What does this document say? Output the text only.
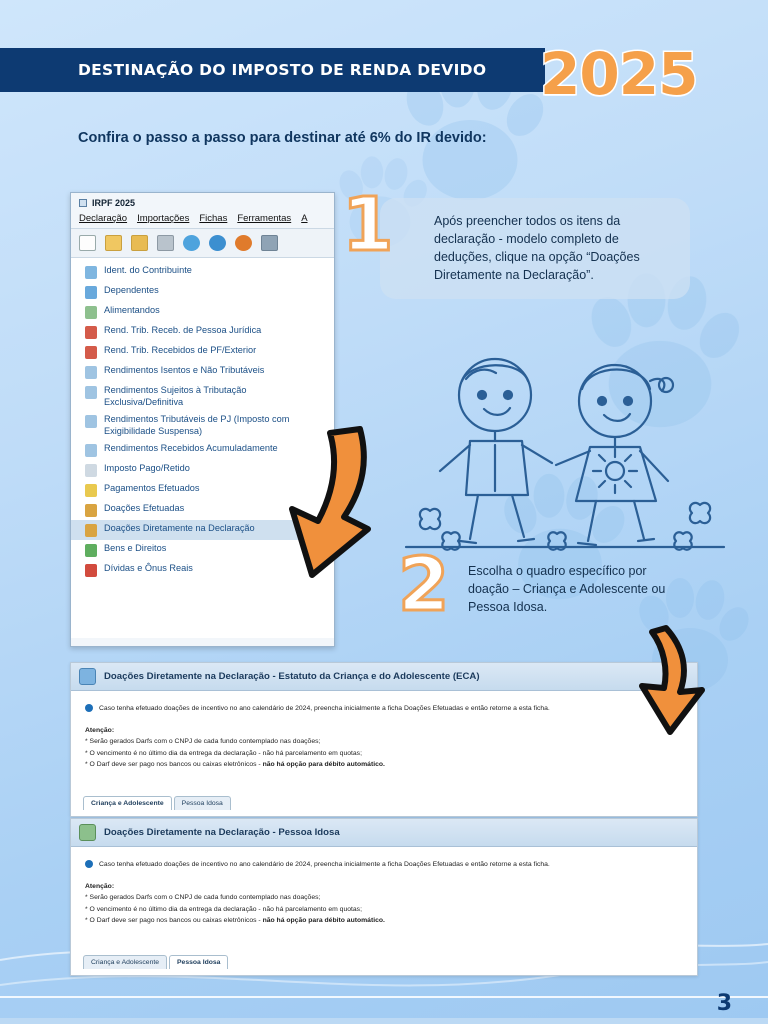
DESTINAÇÃO DO IMPOSTO DE RENDA DEVIDO 2025
Confira o passo a passo para destinar até 6% do IR devido:
IRPF 2025
Declaração Importações Fichas Ferramentas A
Ident. do Contribuinte
Dependentes
Alimentandos
Rend. Trib. Receb. de Pessoa Jurídica
Rend. Trib. Recebidos de PF/Exterior
Rendimentos Isentos e Não Tributáveis
Rendimentos Sujeitos à Tributação Exclusiva/Definitiva
Rendimentos Tributáveis de PJ (Imposto com Exigibilidade Suspensa)
Rendimentos Recebidos Acumuladamente
Imposto Pago/Retido
Pagamentos Efetuados
Doações Efetuadas
Doações Diretamente na Declaração
Bens e Direitos
Dívidas e Ônus Reais
Após preencher todos os itens da declaração - modelo completo de deduções, clique na opção “Doações Diretamente na Declaração”.
1
2 Escolha o quadro específico por doação – Criança e Adolescente ou Pessoa Idosa.
Doações Diretamente na Declaração - Estatuto da Criança e do Adolescente (ECA)
Caso tenha efetuado doações de incentivo no ano calendário de 2024, preencha inicialmente a ficha Doações Efetuadas e então retorne a esta ficha.
Atenção:
* Serão gerados Darfs com o CNPJ de cada fundo contemplado nas doações;
* O vencimento é no último dia da entrega da declaração - não há parcelamento em quotas;
* O Darf deve ser pago nos bancos ou caixas eletrônicos - não há opção para débito automático.
Criança e Adolescente	Pessoa Idosa
Doações Diretamente na Declaração - Pessoa Idosa
Caso tenha efetuado doações de incentivo no ano calendário de 2024, preencha inicialmente a ficha Doações Efetuadas e então retorne a esta ficha.
Atenção:
* Serão gerados Darfs com o CNPJ de cada fundo contemplado nas doações;
* O vencimento é no último dia da entrega da declaração - não há parcelamento em quotas;
* O Darf deve ser pago nos bancos ou caixas eletrônicos - não há opção para débito automático.
Criança e Adolescente	Pessoa Idosa
3
